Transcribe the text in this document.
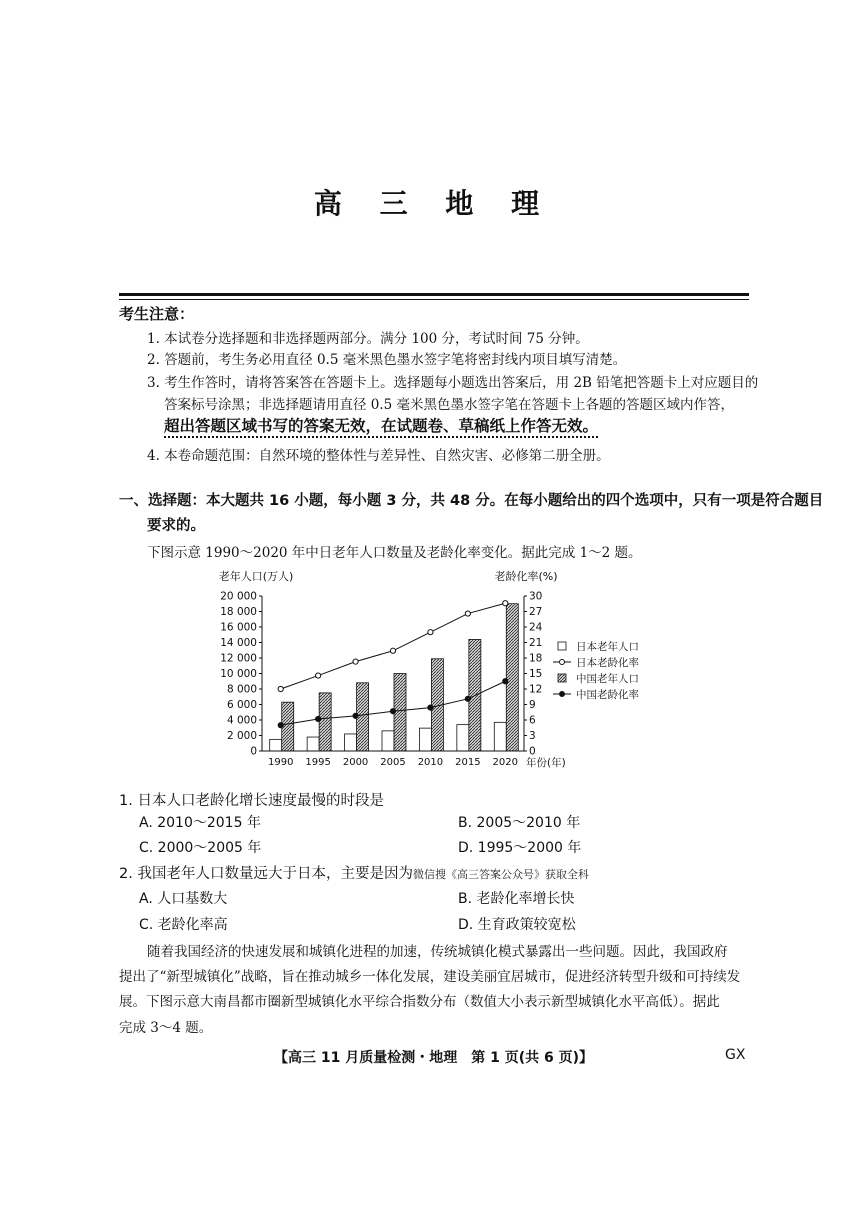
高 三 地 理
考生注意：
1. 本试卷分选择题和非选择题两部分。满分 100 分，考试时间 75 分钟。
2. 答题前，考生务必用直径 0.5 毫米黑色墨水签字笔将密封线内项目填写清楚。
3. 考生作答时，请将答案答在答题卡上。选择题每小题选出答案后，用 2B 铅笔把答题卡上对应题目的
答案标号涂黑；非选择题请用直径 0.5 毫米黑色墨水签字笔在答题卡上各题的答题区域内作答，
超出答题区域书写的答案无效，在试题卷、草稿纸上作答无效。
4. 本卷命题范围：自然环境的整体性与差异性、自然灾害、必修第二册全册。
一、选择题：本大题共 16 小题，每小题 3 分，共 48 分。在每小题给出的四个选项中，只有一项是符合题目
要求的。
下图示意 1990～2020 年中日老年人口数量及老龄化率变化。据此完成 1～2 题。
0
2 000
4 000
6 000
8 000
10 000
12 000
14 000
16 000
18 000
20 000
0
3
6
9
12
15
18
21
24
27
30
1990 1995 2000 2005 2010 2015 2020
老年人口(万人)	老龄化率(%)
年份(年)
日本老年人口
日本老龄化率
中国老年人口
中国老龄化率
1. 日本人口老龄化增长速度最慢的时段是
A. 2010～2015 年	B. 2005～2010 年
C. 2000～2005 年	D. 1995～2000 年
2. 我国老年人口数量远大于日本，主要是因为微信搜《高三答案公众号》获取全科
A. 人口基数大	B. 老龄化率增长快
C. 老龄化率高	D. 生育政策较宽松
随着我国经济的快速发展和城镇化进程的加速，传统城镇化模式暴露出一些问题。因此，我国政府
提出了“新型城镇化”战略，旨在推动城乡一体化发展，建设美丽宜居城市，促进经济转型升级和可持续发
展。下图示意大南昌都市圈新型城镇化水平综合指数分布（数值大小表示新型城镇化水平高低）。据此
完成 3～4 题。
【高三 11 月质量检测・地理　第 1 页(共 6 页)】	GX
